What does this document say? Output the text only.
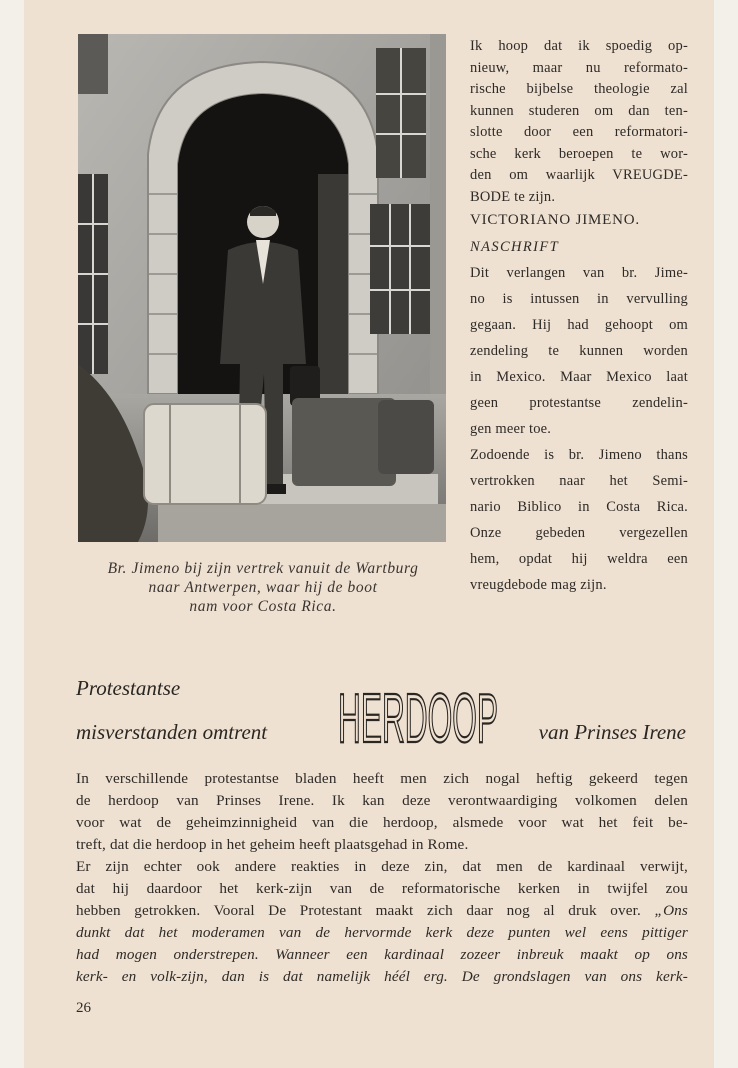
Br. Jimeno bij zijn vertrek vanuit de Wartburg
naar Antwerpen, waar hij de boot
nam voor Costa Rica.
Ik hoop dat ik spoedig op-
nieuw, maar nu reformato-
rische bijbelse theologie zal
kunnen studeren om dan ten-
slotte door een reformatori-
sche kerk beroepen te wor-
den om waarlijk VREUGDE-
BODE te zijn.
VICTORIANO JIMENO.
NASCHRIFT
Dit verlangen van br. Jime-
no is intussen in vervulling
gegaan. Hij had gehoopt om
zendeling te kunnen worden
in Mexico. Maar Mexico laat
geen protestantse zendelin-
gen meer toe.
Zodoende is br. Jimeno thans
vertrokken naar het Semi-
nario Biblico in Costa Rica.
Onze gebeden vergezellen
hem, opdat hij weldra een
vreugdebode mag zijn.
Protestantse
misverstanden omtrent HERDOOP van Prinses Irene
In verschillende protestantse bladen heeft men zich nogal heftig gekeerd tegen
de herdoop van Prinses Irene. Ik kan deze verontwaardiging volkomen delen
voor wat de geheimzinnigheid van die herdoop, alsmede voor wat het feit be-
treft, dat die herdoop in het geheim heeft plaatsgehad in Rome.
Er zijn echter ook andere reakties in deze zin, dat men de kardinaal verwijt,
dat hij daardoor het kerk-zijn van de reformatorische kerken in twijfel zou
hebben getrokken. Vooral De Protestant maakt zich daar nog al druk over. „Ons
dunkt dat het moderamen van de hervormde kerk deze punten wel eens pittiger
had mogen onderstrepen. Wanneer een kardinaal zozeer inbreuk maakt op ons
kerk- en volk-zijn, dan is dat namelijk héél erg. De grondslagen van ons kerk-
26
